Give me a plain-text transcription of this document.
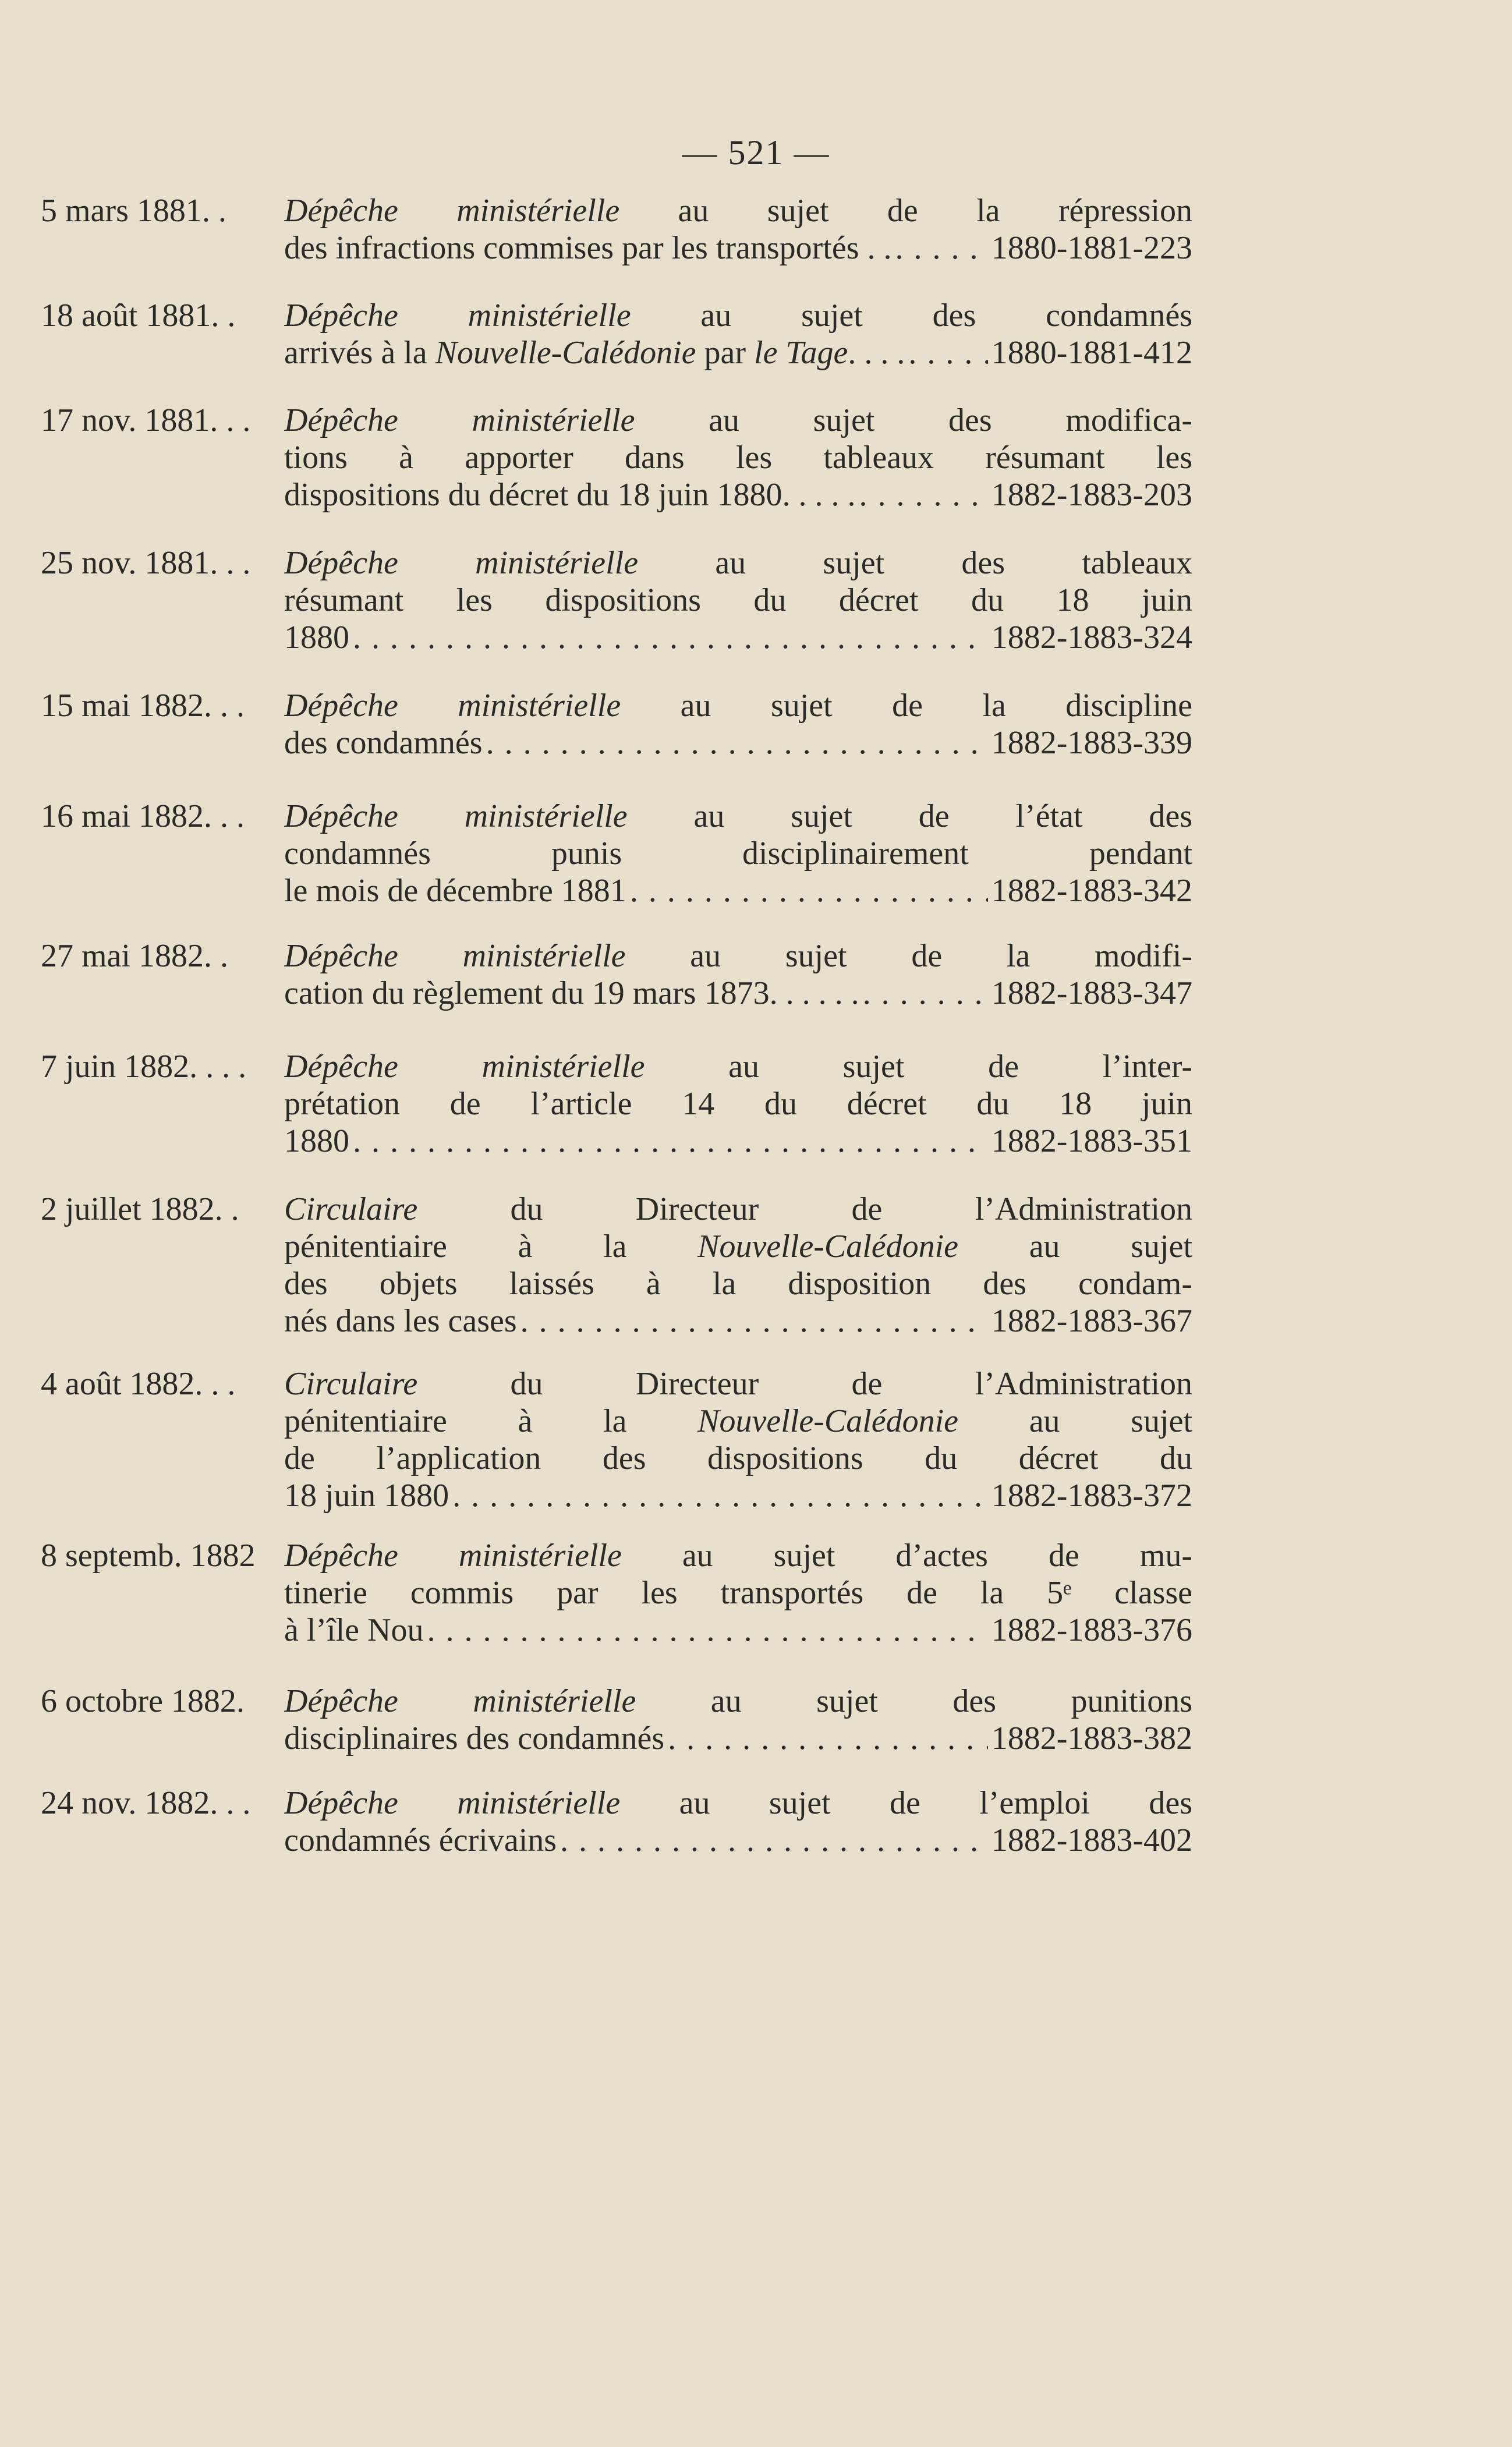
— 521 —
5 mars 1881. .	Dépêche ministérielle au sujet de la répression
des infractions commises par les transportés . . . . .	1880-1881-223
18 août 1881. .	Dépêche ministérielle au sujet des condamnés
arrivés à la Nouvelle-Calédonie par le Tage . . . . . . .	1880-1881-412
17 nov. 1881. . .	Dépêche ministérielle au sujet des modifica-
tions à apporter dans les tableaux résumant les
dispositions du décret du 18 juin 1880. . . . . . . .	1882-1883-203
25 nov. 1881. . .	Dépêche ministérielle au sujet des tableaux
résumant les dispositions du décret du 18 juin
1880 . . .	1882-1883-324
15 mai 1882. . .	Dépêche ministérielle au sujet de la discipline
des condamnés . . .	1882-1883-339
16 mai 1882. . .	Dépêche ministérielle au sujet de l’état des
condamnés punis disciplinairement pendant
le mois de décembre 1881 . . .	1882-1883-342
27 mai 1882. .	Dépêche ministérielle au sujet de la modifi-
cation du règlement du 19 mars 1873. . . . . . . . .	1882-1883-347
7 juin 1882. . . .	Dépêche	ministérielle au sujet de l’inter-
prétation de l’article 14 du décret du 18 juin
1880 . . .	1882-1883-351
2 juillet 1882. .	Circulaire du Directeur de l’Administration
pénitentiaire à la Nouvelle-Calédonie au sujet
des objets laissés à la disposition des condam-
nés dans les cases . . .	1882-1883-367
4 août 1882. . .	Circulaire du Directeur de l’Administration
pénitentiaire à la Nouvelle-Calédonie au sujet
de l’application des dispositions du décret du
18 juin 1880 . . .	1882-1883-372
8 septemb. 1882 Dépêche ministérielle au sujet d’actes de mu-
tinerie commis par les transportés de la 5ᵉ classe
à l’île Nou . . .	1882-1883-376
6 octobre 1882.	Dépêche ministérielle au sujet des punitions
disciplinaires des condamnés . . .	1882-1883-382
24 nov. 1882. . .	Dépêche ministérielle au sujet de l’emploi des
condamnés écrivains . . .	1882-1883-402
